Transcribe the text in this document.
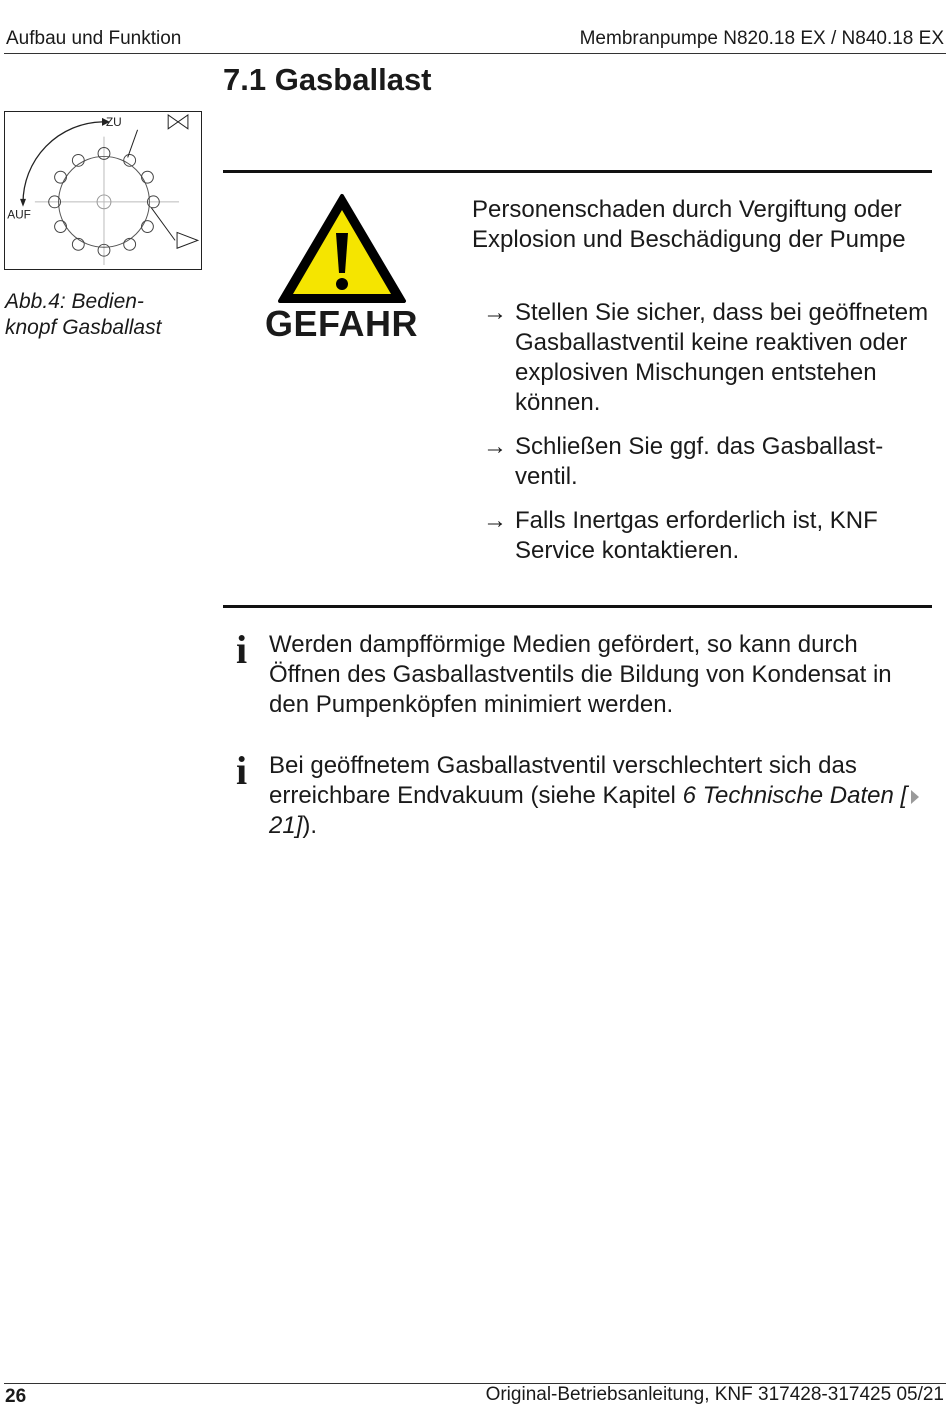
Aufbau und Funktion	Membranpumpe N820.18 EX / N840.18 EX
7.1 Gasballast
ZU
AUF
Abb.4: Bedien-
knopf Gasballast	GEFAHR
Personenschaden durch Vergiftung oder Explosion und Beschädigung der Pumpe
→ Stellen Sie sicher, dass bei geöffnetem Gasballastventil keine reaktiven oder explosiven Mischungen entstehen können.
→ Schließen Sie ggf. das Gasballastventil.
→ Falls Inertgas erforderlich ist, KNF Service kontaktieren.
i Werden dampfförmige Medien gefördert, so kann durch Öffnen des Gasballastventils die Bildung von Kondensat in den Pumpenköpfen minimiert werden.
i Bei geöffnetem Gasballastventil verschlechtert sich das erreichbare Endvakuum (siehe Kapitel 6 Technische Daten [ 21]).
26	Original-Betriebsanleitung, KNF 317428-317425 05/21
